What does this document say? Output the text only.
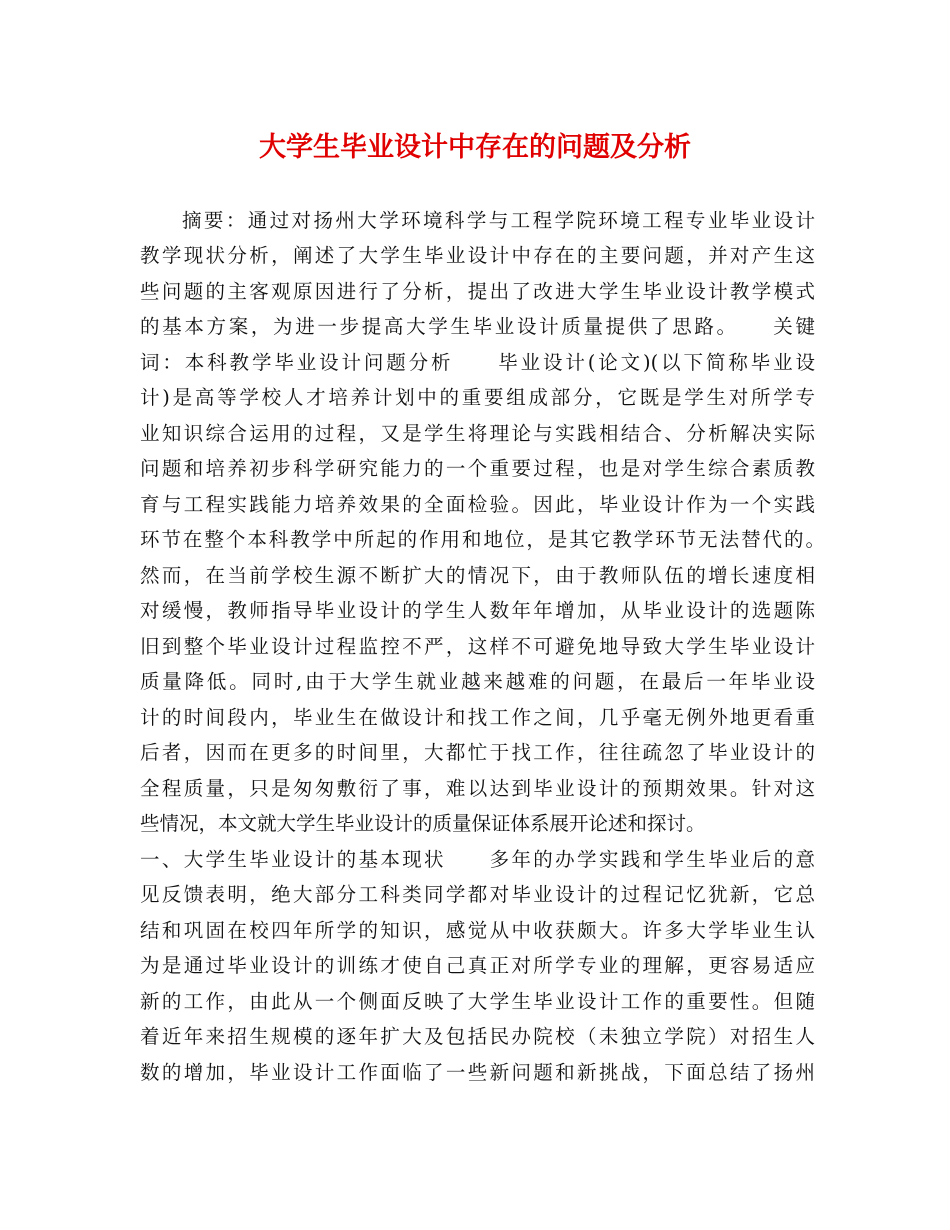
大学生毕业设计中存在的问题及分析
摘要：通过对扬州大学环境科学与工程学院环境工程专业毕业设计
教学现状分析，阐述了大学生毕业设计中存在的主要问题，并对产生这
些问题的主客观原因进行了分析，提出了改进大学生毕业设计教学模式
的基本方案，为进一步提高大学生毕业设计质量提供了思路。　　关键
词：本科教学毕业设计问题分析　　毕业设计(论文)(以下简称毕业设
计)是高等学校人才培养计划中的重要组成部分，它既是学生对所学专
业知识综合运用的过程，又是学生将理论与实践相结合、分析解决实际
问题和培养初步科学研究能力的一个重要过程，也是对学生综合素质教
育与工程实践能力培养效果的全面检验。因此，毕业设计作为一个实践
环节在整个本科教学中所起的作用和地位，是其它教学环节无法替代的。
然而，在当前学校生源不断扩大的情况下，由于教师队伍的增长速度相
对缓慢，教师指导毕业设计的学生人数年年增加，从毕业设计的选题陈
旧到整个毕业设计过程监控不严，这样不可避免地导致大学生毕业设计
质量降低。同时,由于大学生就业越来越难的问题，在最后一年毕业设
计的时间段内，毕业生在做设计和找工作之间，几乎毫无例外地更看重
后者，因而在更多的时间里，大都忙于找工作，往往疏忽了毕业设计的
全程质量，只是匆匆敷衍了事，难以达到毕业设计的预期效果。针对这
些情况，本文就大学生毕业设计的质量保证体系展开论述和探讨。
一、大学生毕业设计的基本现状　　多年的办学实践和学生毕业后的意
见反馈表明，绝大部分工科类同学都对毕业设计的过程记忆犹新，它总
结和巩固在校四年所学的知识，感觉从中收获颇大。许多大学毕业生认
为是通过毕业设计的训练才使自己真正对所学专业的理解，更容易适应
新的工作，由此从一个侧面反映了大学生毕业设计工作的重要性。但随
着近年来招生规模的逐年扩大及包括民办院校（未独立学院）对招生人
数的增加，毕业设计工作面临了一些新问题和新挑战，下面总结了扬州
